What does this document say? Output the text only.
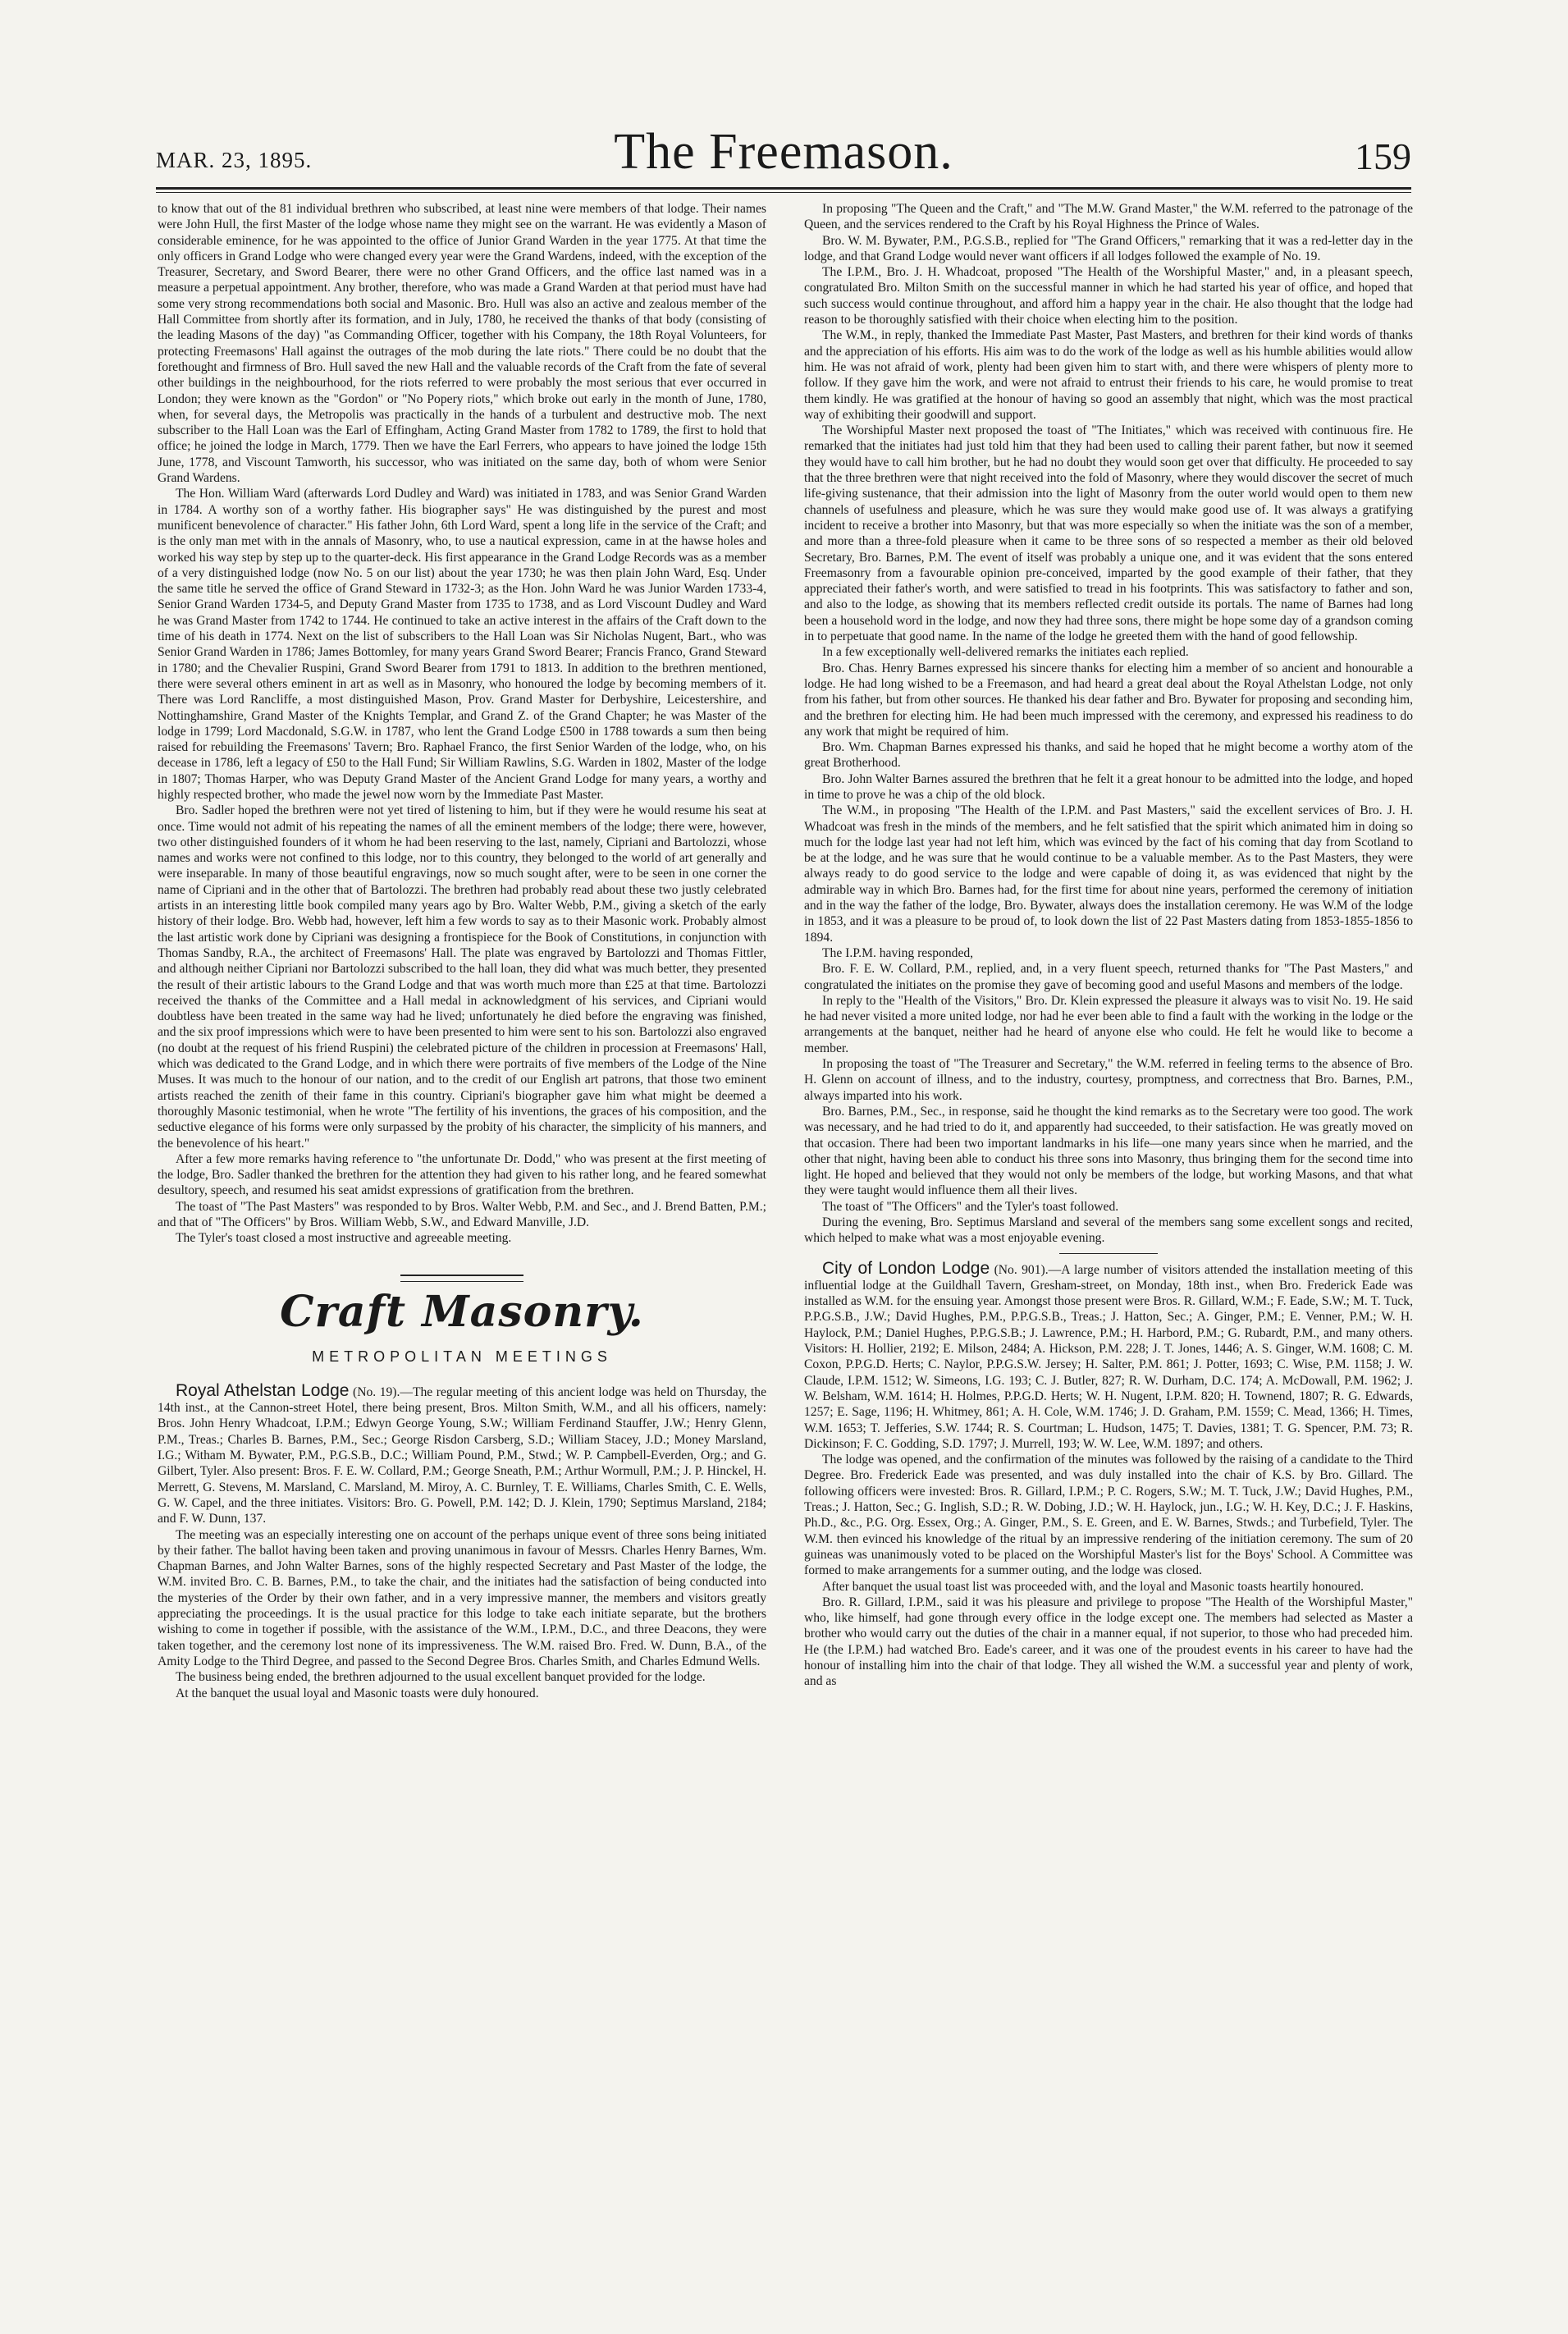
MAR. 23, 1895.	The Freemason.	159

to know that out of the 81 individual brethren who subscribed, at least nine were members of that lodge. Their names were John Hull, the first Master of the lodge whose name they might see on the warrant. He was evidently a Mason of considerable eminence, for he was appointed to the office of Junior Grand Warden in the year 1775. At that time the only officers in Grand Lodge who were changed every year were the Grand Wardens, indeed, with the exception of the Treasurer, Secretary, and Sword Bearer, there were no other Grand Officers, and the office last named was in a measure a perpetual appointment. Any brother, therefore, who was made a Grand Warden at that period must have had some very strong recommendations both social and Masonic. Bro. Hull was also an active and zealous member of the Hall Committee from shortly after its formation, and in July, 1780, he received the thanks of that body (consisting of the leading Masons of the day) "as Commanding Officer, together with his Company, the 18th Royal Volunteers, for protecting Freemasons' Hall against the outrages of the mob during the late riots." There could be no doubt that the forethought and firmness of Bro. Hull saved the new Hall and the valuable records of the Craft from the fate of several other buildings in the neighbourhood, for the riots referred to were probably the most serious that ever occurred in London; they were known as the "Gordon" or "No Popery riots," which broke out early in the month of June, 1780, when, for several days, the Metropolis was practically in the hands of a turbulent and destructive mob. The next subscriber to the Hall Loan was the Earl of Effingham, Acting Grand Master from 1782 to 1789, the first to hold that office; he joined the lodge in March, 1779. Then we have the Earl Ferrers, who appears to have joined the lodge 15th June, 1778, and Viscount Tamworth, his successor, who was initiated on the same day, both of whom were Senior Grand Wardens.

The Hon. William Ward (afterwards Lord Dudley and Ward) was initiated in 1783, and was Senior Grand Warden in 1784. A worthy son of a worthy father. His biographer says" He was distinguished by the purest and most munificent benevolence of character." His father John, 6th Lord Ward, spent a long life in the service of the Craft; and is the only man met with in the annals of Masonry, who, to use a nautical expression, came in at the hawse holes and worked his way step by step up to the quarter-deck. His first appearance in the Grand Lodge Records was as a member of a very distinguished lodge (now No. 5 on our list) about the year 1730; he was then plain John Ward, Esq. Under the same title he served the office of Grand Steward in 1732-3; as the Hon. John Ward he was Junior Warden 1733-4, Senior Grand Warden 1734-5, and Deputy Grand Master from 1735 to 1738, and as Lord Viscount Dudley and Ward he was Grand Master from 1742 to 1744. He continued to take an active interest in the affairs of the Craft down to the time of his death in 1774. Next on the list of subscribers to the Hall Loan was Sir Nicholas Nugent, Bart., who was Senior Grand Warden in 1786; James Bottomley, for many years Grand Sword Bearer; Francis Franco, Grand Steward in 1780; and the Chevalier Ruspini, Grand Sword Bearer from 1791 to 1813. In addition to the brethren mentioned, there were several others eminent in art as well as in Masonry, who honoured the lodge by becoming members of it. There was Lord Rancliffe, a most distinguished Mason, Prov. Grand Master for Derbyshire, Leicestershire, and Nottinghamshire, Grand Master of the Knights Templar, and Grand Z. of the Grand Chapter; he was Master of the lodge in 1799; Lord Macdonald, S.G.W. in 1787, who lent the Grand Lodge £500 in 1788 towards a sum then being raised for rebuilding the Freemasons' Tavern; Bro. Raphael Franco, the first Senior Warden of the lodge, who, on his decease in 1786, left a legacy of £50 to the Hall Fund; Sir William Rawlins, S.G. Warden in 1802, Master of the lodge in 1807; Thomas Harper, who was Deputy Grand Master of the Ancient Grand Lodge for many years, a worthy and highly respected brother, who made the jewel now worn by the Immediate Past Master.

Bro. Sadler hoped the brethren were not yet tired of listening to him, but if they were he would resume his seat at once. Time would not admit of his repeating the names of all the eminent members of the lodge; there were, however, two other distinguished founders of it whom he had been reserving to the last, namely, Cipriani and Bartolozzi, whose names and works were not confined to this lodge, nor to this country, they belonged to the world of art generally and were inseparable. In many of those beautiful engravings, now so much sought after, were to be seen in one corner the name of Cipriani and in the other that of Bartolozzi. The brethren had probably read about these two justly celebrated artists in an interesting little book compiled many years ago by Bro. Walter Webb, P.M., giving a sketch of the early history of their lodge. Bro. Webb had, however, left him a few words to say as to their Masonic work. Probably almost the last artistic work done by Cipriani was designing a frontispiece for the Book of Constitutions, in conjunction with Thomas Sandby, R.A., the architect of Freemasons' Hall. The plate was engraved by Bartolozzi and Thomas Fittler, and although neither Cipriani nor Bartolozzi subscribed to the hall loan, they did what was much better, they presented the result of their artistic labours to the Grand Lodge and that was worth much more than £25 at that time. Bartolozzi received the thanks of the Committee and a Hall medal in acknowledgment of his services, and Cipriani would doubtless have been treated in the same way had he lived; unfortunately he died before the engraving was finished, and the six proof impressions which were to have been presented to him were sent to his son. Bartolozzi also engraved (no doubt at the request of his friend Ruspini) the celebrated picture of the children in procession at Freemasons' Hall, which was dedicated to the Grand Lodge, and in which there were portraits of five members of the Lodge of the Nine Muses. It was much to the honour of our nation, and to the credit of our English art patrons, that those two eminent artists reached the zenith of their fame in this country. Cipriani's biographer gave him what might be deemed a thoroughly Masonic testimonial, when he wrote "The fertility of his inventions, the graces of his composition, and the seductive elegance of his forms were only surpassed by the probity of his character, the simplicity of his manners, and the benevolence of his heart."

After a few more remarks having reference to "the unfortunate Dr. Dodd," who was present at the first meeting of the lodge, Bro. Sadler thanked the brethren for the attention they had given to his rather long, and he feared somewhat desultory, speech, and resumed his seat amidst expressions of gratification from the brethren.

The toast of "The Past Masters" was responded to by Bros. Walter Webb, P.M. and Sec., and J. Brend Batten, P.M.; and that of "The Officers" by Bros. William Webb, S.W., and Edward Manville, J.D.

The Tyler's toast closed a most instructive and agreeable meeting.

Craft Masonry.
METROPOLITAN MEETINGS

Royal Athelstan Lodge (No. 19).—The regular meeting of this ancient lodge was held on Thursday, the 14th inst., at the Cannon-street Hotel, there being present, Bros. Milton Smith, W.M., and all his officers, namely: Bros. John Henry Whadcoat, I.P.M.; Edwyn George Young, S.W.; William Ferdinand Stauffer, J.W.; Henry Glenn, P.M., Treas.; Charles B. Barnes, P.M., Sec.; George Risdon Carsberg, S.D.; William Stacey, J.D.; Money Marsland, I.G.; Witham M. Bywater, P.M., P.G.S.B., D.C.; William Pound, P.M., Stwd.; W. P. Campbell-Everden, Org.; and G. Gilbert, Tyler. Also present: Bros. F. E. W. Collard, P.M.; George Sneath, P.M.; Arthur Wormull, P.M.; J. P. Hinckel, H. Merrett, G. Stevens, M. Marsland, C. Marsland, M. Miroy, A. C. Burnley, T. E. Williams, Charles Smith, C. E. Wells, G. W. Capel, and the three initiates. Visitors: Bro. G. Powell, P.M. 142; D. J. Klein, 1790; Septimus Marsland, 2184; and F. W. Dunn, 137.

The meeting was an especially interesting one on account of the perhaps unique event of three sons being initiated by their father. The ballot having been taken and proving unanimous in favour of Messrs. Charles Henry Barnes, Wm. Chapman Barnes, and John Walter Barnes, sons of the highly respected Secretary and Past Master of the lodge, the W.M. invited Bro. C. B. Barnes, P.M., to take the chair, and the initiates had the satisfaction of being conducted into the mysteries of the Order by their own father, and in a very impressive manner, the members and visitors greatly appreciating the proceedings. It is the usual practice for this lodge to take each initiate separate, but the brothers wishing to come in together if possible, with the assistance of the W.M., I.P.M., D.C., and three Deacons, they were taken together, and the ceremony lost none of its impressiveness. The W.M. raised Bro. Fred. W. Dunn, B.A., of the Amity Lodge to the Third Degree, and passed to the Second Degree Bros. Charles Smith, and Charles Edmund Wells.

The business being ended, the brethren adjourned to the usual excellent banquet provided for the lodge.

At the banquet the usual loyal and Masonic toasts were duly honoured.

In proposing "The Queen and the Craft," and "The M.W. Grand Master," the W.M. referred to the patronage of the Queen, and the services rendered to the Craft by his Royal Highness the Prince of Wales.

Bro. W. M. Bywater, P.M., P.G.S.B., replied for "The Grand Officers," remarking that it was a red-letter day in the lodge, and that Grand Lodge would never want officers if all lodges followed the example of No. 19.

The I.P.M., Bro. J. H. Whadcoat, proposed "The Health of the Worshipful Master," and, in a pleasant speech, congratulated Bro. Milton Smith on the successful manner in which he had started his year of office, and hoped that such success would continue throughout, and afford him a happy year in the chair. He also thought that the lodge had reason to be thoroughly satisfied with their choice when electing him to the position.

The W.M., in reply, thanked the Immediate Past Master, Past Masters, and brethren for their kind words of thanks and the appreciation of his efforts. His aim was to do the work of the lodge as well as his humble abilities would allow him. He was not afraid of work, plenty had been given him to start with, and there were whispers of plenty more to follow. If they gave him the work, and were not afraid to entrust their friends to his care, he would promise to treat them kindly. He was gratified at the honour of having so good an assembly that night, which was the most practical way of exhibiting their goodwill and support.

The Worshipful Master next proposed the toast of "The Initiates," which was received with continuous fire. He remarked that the initiates had just told him that they had been used to calling their parent father, but now it seemed they would have to call him brother, but he had no doubt they would soon get over that difficulty. He proceeded to say that the three brethren were that night received into the fold of Masonry, where they would discover the secret of much life-giving sustenance, that their admission into the light of Masonry from the outer world would open to them new channels of usefulness and pleasure, which he was sure they would make good use of. It was always a gratifying incident to receive a brother into Masonry, but that was more especially so when the initiate was the son of a member, and more than a three-fold pleasure when it came to be three sons of so respected a member as their old beloved Secretary, Bro. Barnes, P.M. The event of itself was probably a unique one, and it was evident that the sons entered Freemasonry from a favourable opinion pre-conceived, imparted by the good example of their father, that they appreciated their father's worth, and were satisfied to tread in his footprints. This was satisfactory to father and son, and also to the lodge, as showing that its members reflected credit outside its portals. The name of Barnes had long been a household word in the lodge, and now they had three sons, there might be hope some day of a grandson coming in to perpetuate that good name. In the name of the lodge he greeted them with the hand of good fellowship.

In a few exceptionally well-delivered remarks the initiates each replied.

Bro. Chas. Henry Barnes expressed his sincere thanks for electing him a member of so ancient and honourable a lodge. He had long wished to be a Freemason, and had heard a great deal about the Royal Athelstan Lodge, not only from his father, but from other sources. He thanked his dear father and Bro. Bywater for proposing and seconding him, and the brethren for electing him. He had been much impressed with the ceremony, and expressed his readiness to do any work that might be required of him.

Bro. Wm. Chapman Barnes expressed his thanks, and said he hoped that he might become a worthy atom of the great Brotherhood.

Bro. John Walter Barnes assured the brethren that he felt it a great honour to be admitted into the lodge, and hoped in time to prove he was a chip of the old block.

The W.M., in proposing "The Health of the I.P.M. and Past Masters," said the excellent services of Bro. J. H. Whadcoat was fresh in the minds of the members, and he felt satisfied that the spirit which animated him in doing so much for the lodge last year had not left him, which was evinced by the fact of his coming that day from Scotland to be at the lodge, and he was sure that he would continue to be a valuable member. As to the Past Masters, they were always ready to do good service to the lodge and were capable of doing it, as was evidenced that night by the admirable way in which Bro. Barnes had, for the first time for about nine years, performed the ceremony of initiation and in the way the father of the lodge, Bro. Bywater, always does the installation ceremony. He was W.M of the lodge in 1853, and it was a pleasure to be proud of, to look down the list of 22 Past Masters dating from 1853-1855-1856 to 1894.

The I.P.M. having responded,

Bro. F. E. W. Collard, P.M., replied, and, in a very fluent speech, returned thanks for "The Past Masters," and congratulated the initiates on the promise they gave of becoming good and useful Masons and members of the lodge.

In reply to the "Health of the Visitors," Bro. Dr. Klein expressed the pleasure it always was to visit No. 19. He said he had never visited a more united lodge, nor had he ever been able to find a fault with the working in the lodge or the arrangements at the banquet, neither had he heard of anyone else who could. He felt he would like to become a member.

In proposing the toast of "The Treasurer and Secretary," the W.M. referred in feeling terms to the absence of Bro. H. Glenn on account of illness, and to the industry, courtesy, promptness, and correctness that Bro. Barnes, P.M., always imparted into his work.

Bro. Barnes, P.M., Sec., in response, said he thought the kind remarks as to the Secretary were too good. The work was necessary, and he had tried to do it, and apparently had succeeded, to their satisfaction. He was greatly moved on that occasion. There had been two important landmarks in his life—one many years since when he married, and the other that night, having been able to conduct his three sons into Masonry, thus bringing them for the second time into light. He hoped and believed that they would not only be members of the lodge, but working Masons, and that what they were taught would influence them all their lives.

The toast of "The Officers" and the Tyler's toast followed.

During the evening, Bro. Septimus Marsland and several of the members sang some excellent songs and recited, which helped to make what was a most enjoyable evening.

City of London Lodge (No. 901).—A large number of visitors attended the installation meeting of this influential lodge at the Guildhall Tavern, Gresham-street, on Monday, 18th inst., when Bro. Frederick Eade was installed as W.M. for the ensuing year. Amongst those present were Bros. R. Gillard, W.M.; F. Eade, S.W.; M. T. Tuck, P.P.G.S.B., J.W.; David Hughes, P.M., P.P.G.S.B., Treas.; J. Hatton, Sec.; A. Ginger, P.M.; E. Venner, P.M.; W. H. Haylock, P.M.; Daniel Hughes, P.P.G.S.B.; J. Lawrence, P.M.; H. Harbord, P.M.; G. Rubardt, P.M., and many others. Visitors: H. Hollier, 2192; E. Milson, 2484; A. Hickson, P.M. 228; J. T. Jones, 1446; A. S. Ginger, W.M. 1608; C. M. Coxon, P.P.G.D. Herts; C. Naylor, P.P.G.S.W. Jersey; H. Salter, P.M. 861; J. Potter, 1693; C. Wise, P.M. 1158; J. W. Claude, I.P.M. 1512; W. Simeons, I.G. 193; C. J. Butler, 827; R. W. Durham, D.C. 174; A. McDowall, P.M. 1962; J. W. Belsham, W.M. 1614; H. Holmes, P.P.G.D. Herts; W. H. Nugent, I.P.M. 820; H. Townend, 1807; R. G. Edwards, 1257; E. Sage, 1196; H. Whitmey, 861; A. H. Cole, W.M. 1746; J. D. Graham, P.M. 1559; C. Mead, 1366; H. Times, W.M. 1653; T. Jefferies, S.W. 1744; R. S. Courtman; L. Hudson, 1475; T. Davies, 1381; T. G. Spencer, P.M. 73; R. Dickinson; F. C. Godding, S.D. 1797; J. Murrell, 193; W. W. Lee, W.M. 1897; and others.

The lodge was opened, and the confirmation of the minutes was followed by the raising of a candidate to the Third Degree. Bro. Frederick Eade was presented, and was duly installed into the chair of K.S. by Bro. Gillard. The following officers were invested: Bros. R. Gillard, I.P.M.; P. C. Rogers, S.W.; M. T. Tuck, J.W.; David Hughes, P.M., Treas.; J. Hatton, Sec.; G. Inglish, S.D.; R. W. Dobing, J.D.; W. H. Haylock, jun., I.G.; W. H. Key, D.C.; J. F. Haskins, Ph.D., &c., P.G. Org. Essex, Org.; A. Ginger, P.M., S. E. Green, and E. W. Barnes, Stwds.; and Turbefield, Tyler. The W.M. then evinced his knowledge of the ritual by an impressive rendering of the initiation ceremony. The sum of 20 guineas was unanimously voted to be placed on the Worshipful Master's list for the Boys' School. A Committee was formed to make arrangements for a summer outing, and the lodge was closed.

After banquet the usual toast list was proceeded with, and the loyal and Masonic toasts heartily honoured.

Bro. R. Gillard, I.P.M., said it was his pleasure and privilege to propose "The Health of the Worshipful Master," who, like himself, had gone through every office in the lodge except one. The members had selected as Master a brother who would carry out the duties of the chair in a manner equal, if not superior, to those who had preceded him. He (the I.P.M.) had watched Bro. Eade's career, and it was one of the proudest events in his career to have had the honour of installing him into the chair of that lodge. They all wished the W.M. a successful year and plenty of work, and as
